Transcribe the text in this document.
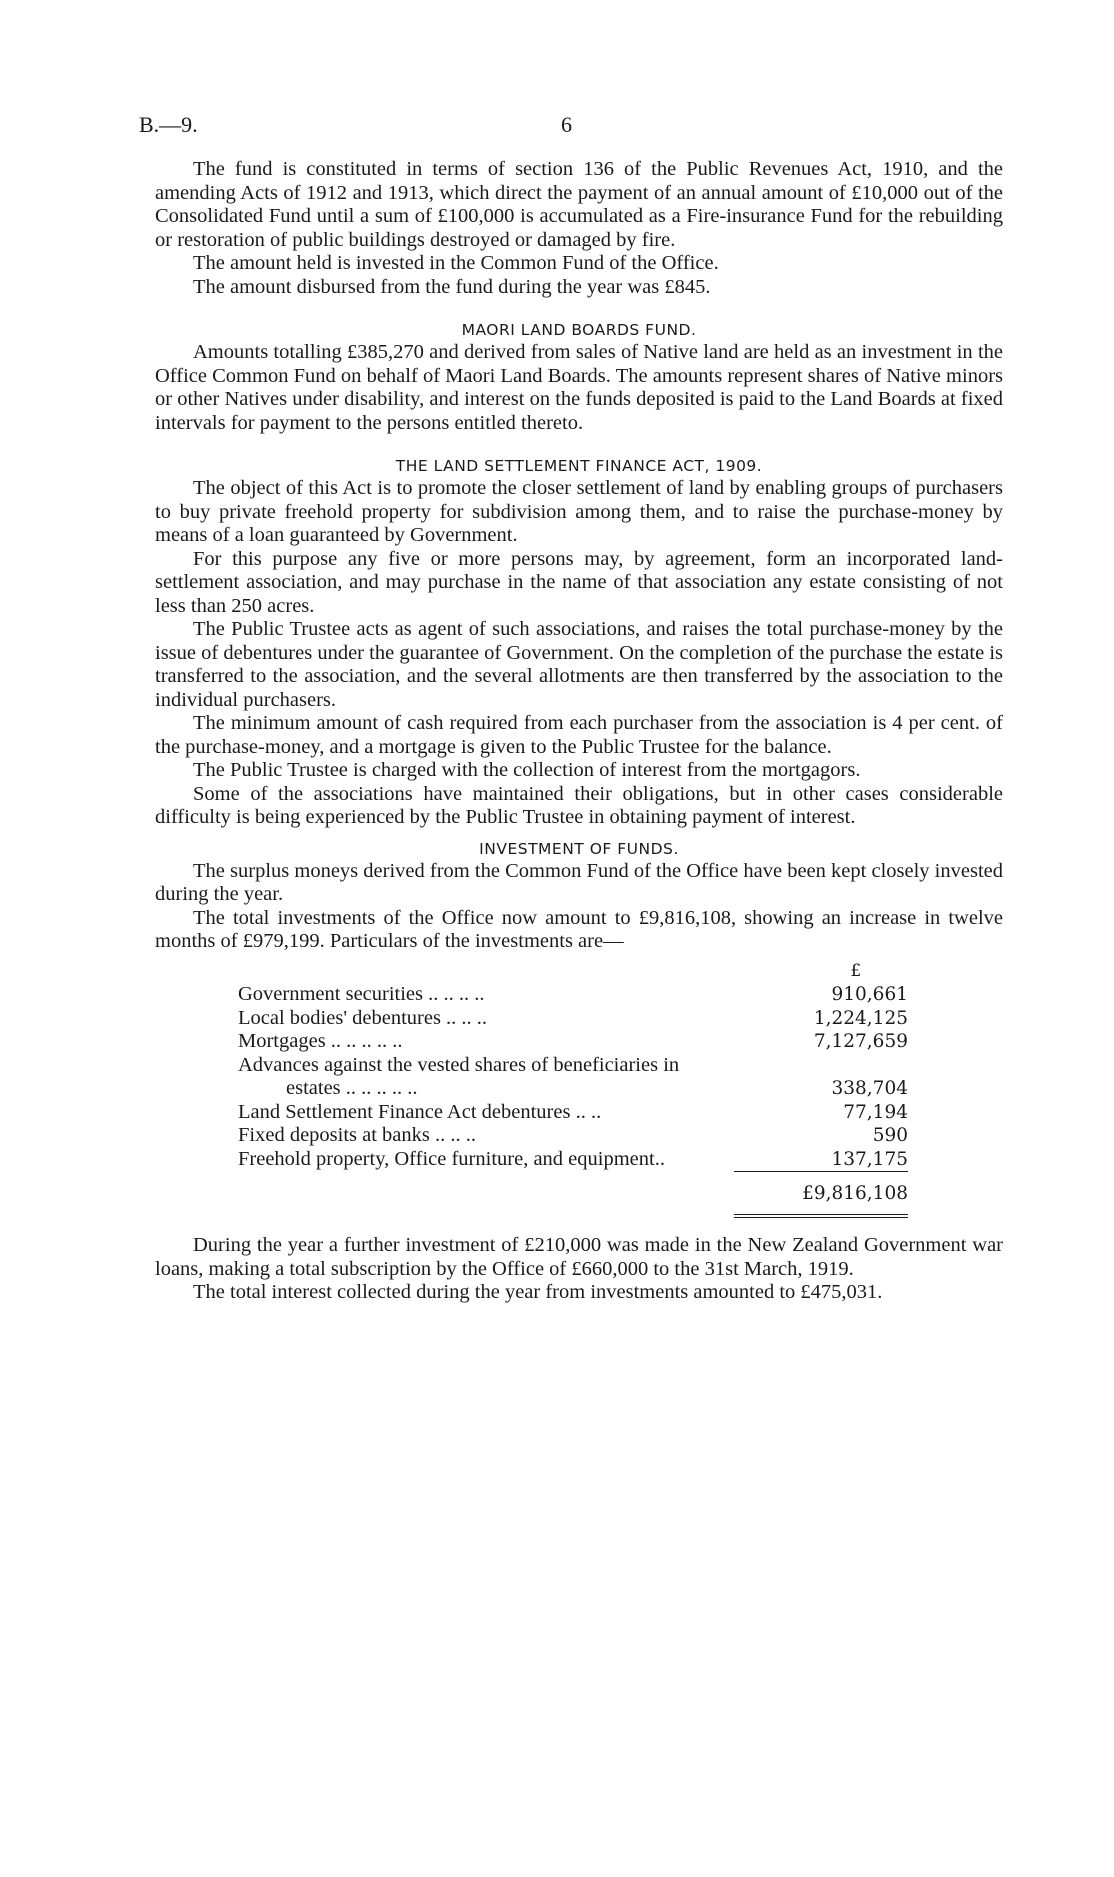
B.—9.	6

The fund is constituted in terms of section 136 of the Public Revenues Act, 1910, and the amending Acts of 1912 and 1913, which direct the payment of an annual amount of £10,000 out of the Consolidated Fund until a sum of £100,000 is accumulated as a Fire-insurance Fund for the rebuilding or restoration of public buildings destroyed or damaged by fire.

The amount held is invested in the Common Fund of the Office.

The amount disbursed from the fund during the year was £845.

MAORI LAND BOARDS FUND.

Amounts totalling £385,270 and derived from sales of Native land are held as an investment in the Office Common Fund on behalf of Maori Land Boards. The amounts represent shares of Native minors or other Natives under disability, and interest on the funds deposited is paid to the Land Boards at fixed intervals for payment to the persons entitled thereto.

THE LAND SETTLEMENT FINANCE ACT, 1909.

The object of this Act is to promote the closer settlement of land by enabling groups of purchasers to buy private freehold property for subdivision among them, and to raise the purchase-money by means of a loan guaranteed by Government.

For this purpose any five or more persons may, by agreement, form an incorporated land-settlement association, and may purchase in the name of that association any estate consisting of not less than 250 acres.

The Public Trustee acts as agent of such associations, and raises the total purchase-money by the issue of debentures under the guarantee of Government. On the completion of the purchase the estate is transferred to the association, and the several allotments are then transferred by the association to the individual purchasers.

The minimum amount of cash required from each purchaser from the association is 4 per cent. of the purchase-money, and a mortgage is given to the Public Trustee for the balance.

The Public Trustee is charged with the collection of interest from the mortgagors.

Some of the associations have maintained their obligations, but in other cases considerable difficulty is being experienced by the Public Trustee in obtaining payment of interest.

INVESTMENT OF FUNDS.

The surplus moneys derived from the Common Fund of the Office have been kept closely invested during the year.

The total investments of the Office now amount to £9,816,108, showing an increase in twelve months of £979,199. Particulars of the investments are—

	£
Government securities .. .. .. ..	910,661
Local bodies' debentures .. .. ..	1,224,125
Mortgages .. .. .. .. ..	7,127,659
Advances against the vested shares of beneficiaries in	
estates .. .. .. .. ..	338,704
Land Settlement Finance Act debentures .. ..	77,194
Fixed deposits at banks .. .. ..	590
Freehold property, Office furniture, and equipment..	137,175
	£9,816,108

During the year a further investment of £210,000 was made in the New Zealand Government war loans, making a total subscription by the Office of £660,000 to the 31st March, 1919.

The total interest collected during the year from investments amounted to £475,031.
